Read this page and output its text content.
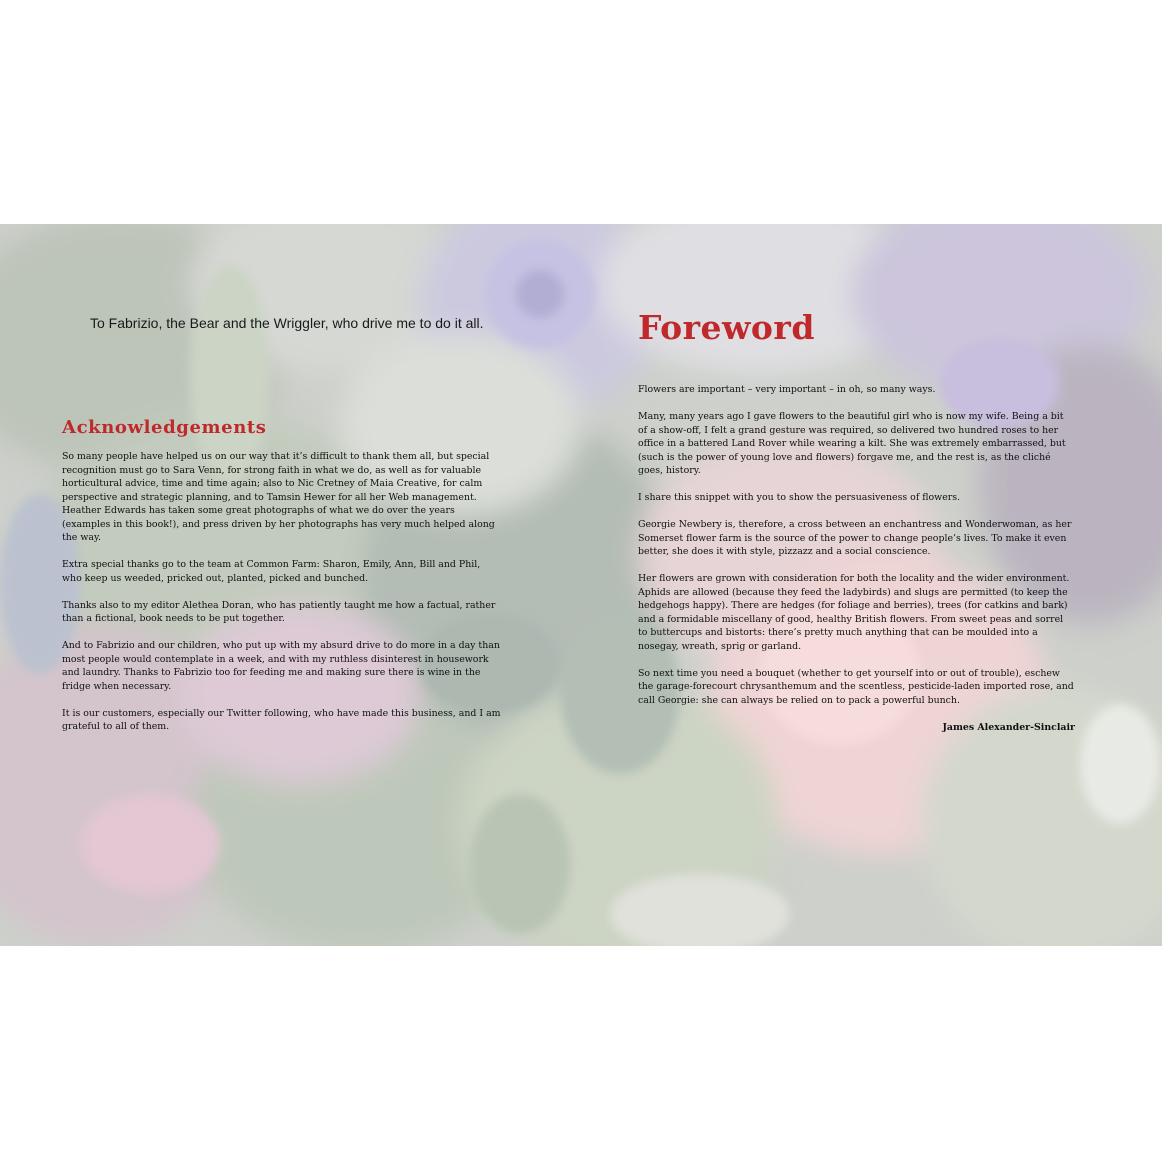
To Fabrizio, the Bear and the Wriggler, who drive me to do it all.
Acknowledgements

So many people have helped us on our way that it’s difficult to thank them all, but special recognition must go to Sara Venn, for strong faith in what we do, as well as for valuable horticultural advice, time and time again; also to Nic Cretney of Maia Creative, for calm perspective and strategic planning, and to Tamsin Hewer for all her Web management. Heather Edwards has taken some great photographs of what we do over the years (examples in this book!), and press driven by her photographs has very much helped along the way.

Extra special thanks go to the team at Common Farm: Sharon, Emily, Ann, Bill and Phil, who keep us weeded, pricked out, planted, picked and bunched.

Thanks also to my editor Alethea Doran, who has patiently taught me how a factual, rather than a fictional, book needs to be put together.

And to Fabrizio and our children, who put up with my absurd drive to do more in a day than most people would contemplate in a week, and with my ruthless disinterest in housework and laundry. Thanks to Fabrizio too for feeding me and making sure there is wine in the fridge when necessary.

It is our customers, especially our Twitter following, who have made this business, and I am grateful to all of them.

Foreword

Flowers are important – very important – in oh, so many ways.

Many, many years ago I gave flowers to the beautiful girl who is now my wife. Being a bit of a show-off, I felt a grand gesture was required, so delivered two hundred roses to her office in a battered Land Rover while wearing a kilt. She was extremely embarrassed, but (such is the power of young love and flowers) forgave me, and the rest is, as the cliché goes, history.

I share this snippet with you to show the persuasiveness of flowers.

Georgie Newbery is, therefore, a cross between an enchantress and Wonderwoman, as her Somerset flower farm is the source of the power to change people’s lives. To make it even better, she does it with style, pizzazz and a social conscience.

Her flowers are grown with consideration for both the locality and the wider environment. Aphids are allowed (because they feed the ladybirds) and slugs are permitted (to keep the hedgehogs happy). There are hedges (for foliage and berries), trees (for catkins and bark) and a formidable miscellany of good, healthy British flowers. From sweet peas and sorrel to buttercups and bistorts: there’s pretty much anything that can be moulded into a nosegay, wreath, sprig or garland.

So next time you need a bouquet (whether to get yourself into or out of trouble), eschew the garage-forecourt chrysanthemum and the scentless, pesticide-laden imported rose, and call Georgie: she can always be relied on to pack a powerful bunch.

James Alexander-Sinclair
